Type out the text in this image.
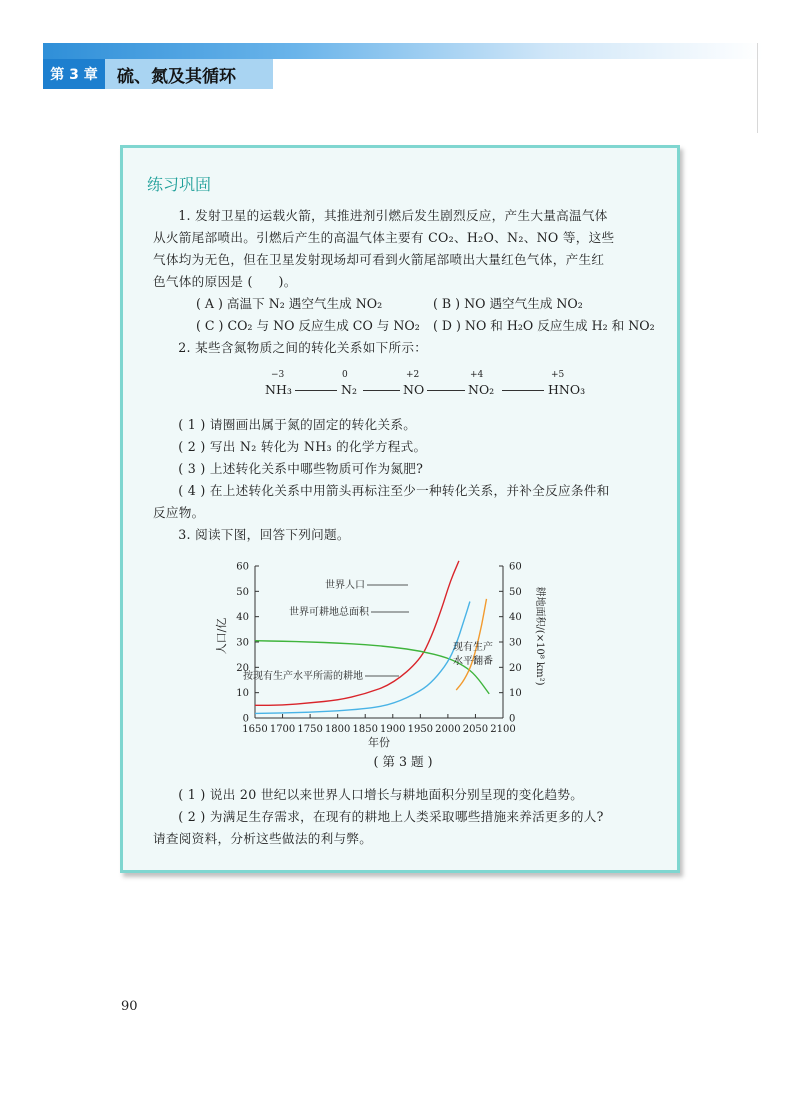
第 3 章	硫、氮及其循环
练习巩固
1. 发射卫星的运载火箭，其推进剂引燃后发生剧烈反应，产生大量高温气体
从火箭尾部喷出。引燃后产生的高温气体主要有 CO₂、H₂O、N₂、NO 等，这些
气体均为无色，但在卫星发射现场却可看到火箭尾部喷出大量红色气体，产生红
色气体的原因是 (　　)。
( A ) 高温下 N₂ 遇空气生成 NO₂	( B ) NO 遇空气生成 NO₂
( C ) CO₂ 与 NO 反应生成 CO 与 NO₂	( D ) NO 和 H₂O 反应生成 H₂ 和 NO₂
2. 某些含氮物质之间的转化关系如下所示：
−3	0	+2	+4	+5
NH₃	N₂	NO	NO₂	HNO₃
( 1 ) 请圈画出属于氮的固定的转化关系。
( 2 ) 写出 N₂ 转化为 NH₃ 的化学方程式。
( 3 ) 上述转化关系中哪些物质可作为氮肥?
( 4 ) 在上述转化关系中用箭头再标注至少一种转化关系，并补全反应条件和
反应物。
3. 阅读下图，回答下列问题。
0	0
10	10
20	20
30	30
40	40
50	50
60	60
1650 1700 1750 1800 1850 1900 1950 2000 2050 2100
年份
人口/亿	耕地面积/(×10⁸ km²)
世界人口
世界可耕地总面积
按现有生产水平所需的耕地
现有生产
水平翻番
( 第 3 题 )
( 1 ) 说出 20 世纪以来世界人口增长与耕地面积分别呈现的变化趋势。
( 2 ) 为满足生存需求，在现有的耕地上人类采取哪些措施来养活更多的人?
请查阅资料，分析这些做法的利与弊。
90
